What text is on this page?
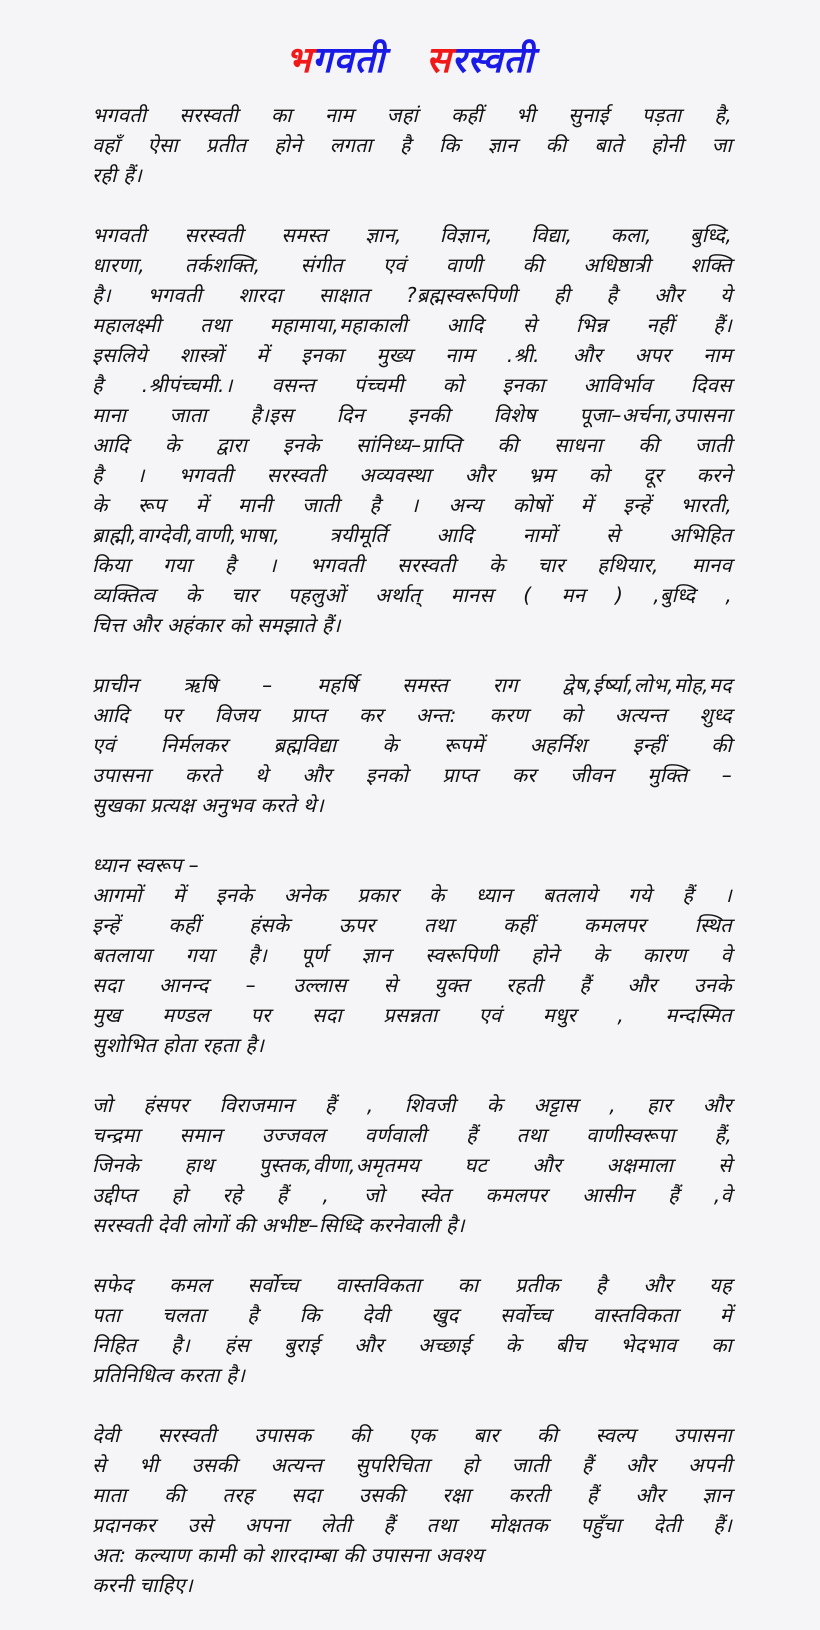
भगवती सरस्वती
भगवती सरस्वती का नाम जहां कहीं भी सुनाई पड़ता है,
वहाँ ऐसा प्रतीत होने लगता है कि ज्ञान की बाते होनी जा
रही हैं।
भगवती सरस्वती समस्त ज्ञान, विज्ञान, विद्या, कला, बुध्दि,
धारणा, तर्कशक्ति, संगीत एवं वाणी की अधिष्ठात्री शक्ति
है। भगवती शारदा साक्षात ?ब्रह्मस्वरूपिणी ही है और ये
महालक्ष्मी तथा महामाया,महाकाली आदि से भिन्न नहीं हैं।
इसलिये शास्त्रों में इनका मुख्य नाम .श्री. और अपर नाम
है .श्रीपंच्चमी.। वसन्त पंच्चमी को इनका आविर्भाव दिवस
माना जाता है।इस दिन इनकी विशेष पूजा–अर्चना,उपासना
आदि के द्वारा इनके सांनिध्य–प्राप्ति की साधना की जाती
है । भगवती सरस्वती अव्यवस्था और भ्रम को दूर करने
के रूप में मानी जाती है । अन्य कोषों में इन्हें भारती,
ब्राह्मी,वाग्देवी,वाणी,भाषा, त्रयीमूर्ति आदि नामों से अभिहित
किया गया है । भगवती सरस्वती के चार हथियार, मानव
व्यक्तित्व के चार पहलुओं अर्थात् मानस ( मन ) ,बुध्दि ,
चित्त और अहंकार को समझाते हैं।
प्राचीन ऋषि – महर्षि समस्त राग द्वेष,ईर्ष्या,लोभ,मोह,मद
आदि पर विजय प्राप्त कर अन्त: करण को अत्यन्त शुध्द
एवं निर्मलकर ब्रह्मविद्या के रूपमें अहर्निश इन्हीं की
उपासना करते थे और इनको प्राप्त कर जीवन मुक्ति –
सुखका प्रत्यक्ष अनुभव करते थे।
ध्यान स्वरूप –
आगमों में इनके अनेक प्रकार के ध्यान बतलाये गये हैं ।
इन्हें कहीं हंसके ऊपर तथा कहीं कमलपर स्थित
बतलाया गया है। पूर्ण ज्ञान स्वरूपिणी होने के कारण वे
सदा आनन्द – उल्लास से युक्त रहती हैं और उनके
मुख मण्डल पर सदा प्रसन्नता एवं मधुर , मन्दस्मित
सुशोभित होता रहता है।
जो हंसपर विराजमान हैं , शिवजी के अट्टास , हार और
चन्द्रमा समान उज्जवल वर्णवाली हैं तथा वाणीस्वरूपा हैं,
जिनके हाथ पुस्तक,वीणा,अमृतमय घट और अक्षमाला से
उद्दीप्त हो रहे हैं , जो स्वेत कमलपर आसीन हैं ,वे
सरस्वती देवी लोगों की अभीष्ट–सिध्दि करनेवाली है।
सफेद कमल सर्वोच्च वास्तविकता का प्रतीक है और यह
पता चलता है कि देवी खुद सर्वोच्च वास्तविकता में
निहित है। हंस बुराई और अच्छाई के बीच भेदभाव का
प्रतिनिधित्व करता है।
देवी सरस्वती उपासक की एक बार की स्वल्प उपासना
से भी उसकी अत्यन्त सुपरिचिता हो जाती हैं और अपनी
माता की तरह सदा उसकी रक्षा करती हैं और ज्ञान
प्रदानकर उसे अपना लेती हैं तथा मोक्षतक पहुँचा देती हैं।
अत: कल्याण कामी को शारदाम्बा की उपासना अवश्य
करनी चाहिए।
